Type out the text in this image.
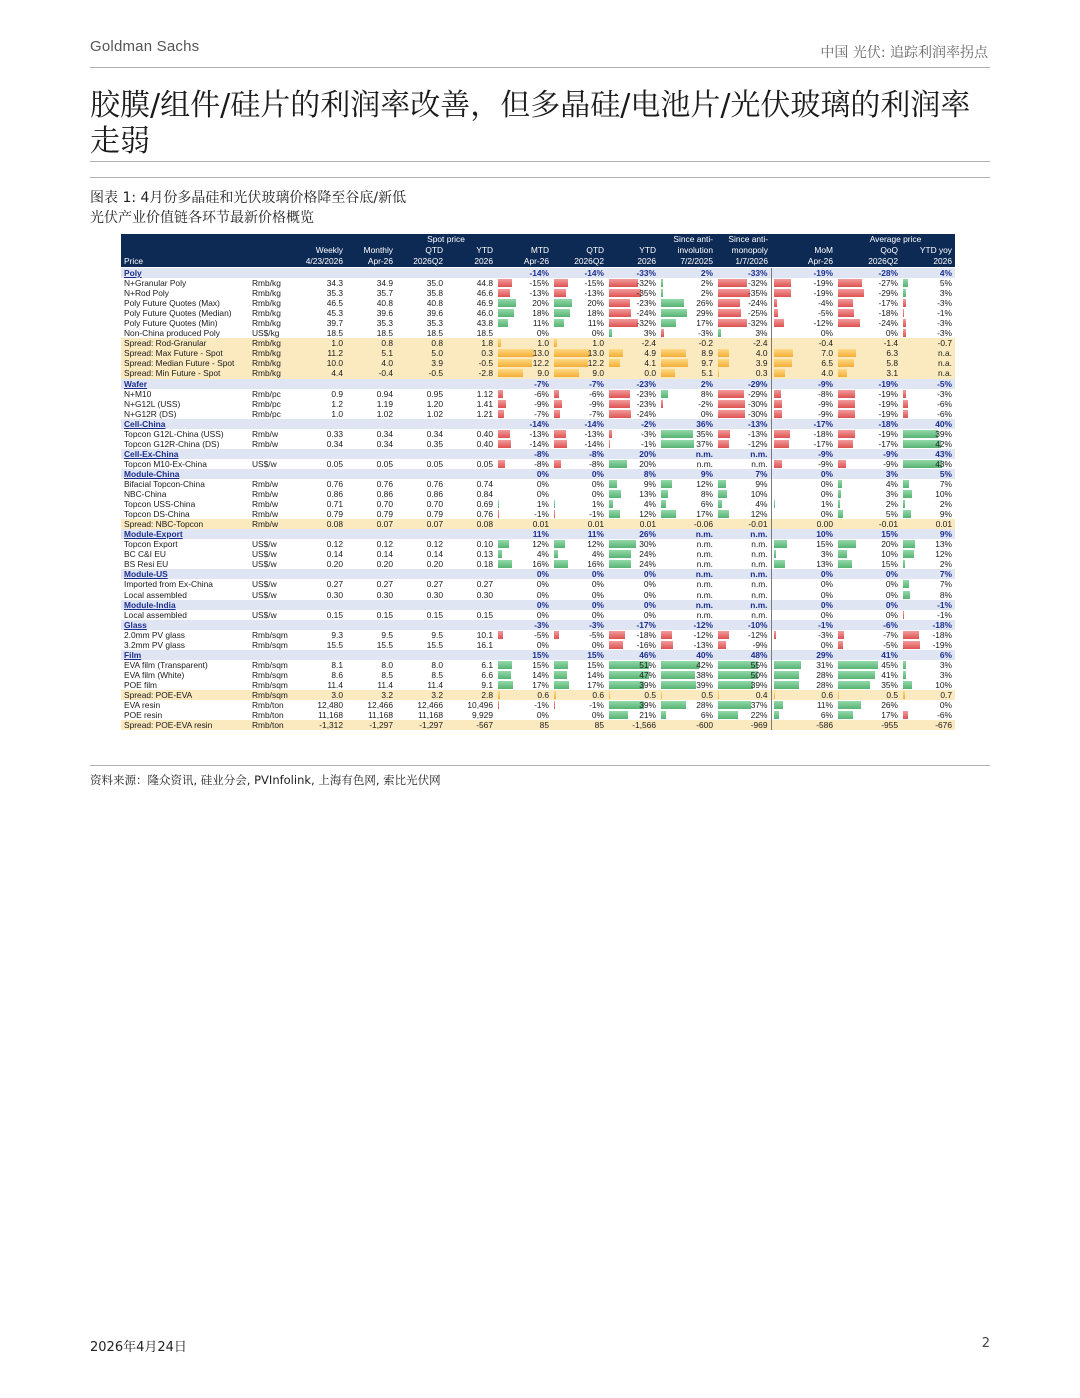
Goldman Sachs	中国 光伏: 追踪利润率拐点
胶膜/组件/硅片的利润率改善，但多晶硅/电池片/光伏玻璃的利润率走弱
图表 1: 4月份多晶硅和光伏玻璃价格降至谷底/新低
光伏产业价值链各环节最新价格概览
				Spot price					Since anti-	Since anti-		Average price	
		Weekly	Monthly	QTD	YTD	MTD	QTD	YTD	involution	monopoly	MoM	QoQ	YTD yoy
Price		4/23/2026	Apr-26	2026Q2	2026	Apr-26	2026Q2	2026	7/2/2025	1/7/2026	Apr-26	2026Q2	2026
Poly						-14%	-14%	-33%	2%	-33%	-19%	-28%	4%
N+Granular Poly	Rmb/kg	34.3	34.9	35.0	44.8	-15%	-15%	-32%	2%	-32%	-19%	-27%	5%
N+Rod Poly	Rmb/kg	35.3	35.7	35.8	46.6	-13%	-13%	-35%	2%	-35%	-19%	-29%	3%
Poly Future Quotes (Max)	Rmb/kg	46.5	40.8	40.8	46.9	20%	20%	-23%	26%	-24%	-4%	-17%	-3%
Poly Future Quotes (Median)	Rmb/kg	45.3	39.6	39.6	46.0	18%	18%	-24%	29%	-25%	-5%	-18%	-1%
Poly Future Quotes (Min)	Rmb/kg	39.7	35.3	35.3	43.8	11%	11%	-32%	17%	-32%	-12%	-24%	-3%
Non-China produced Poly	US$/kg	18.5	18.5	18.5	18.5	0%	0%	3%	-3%	3%	0%	0%	-3%
Spread: Rod-Granular	Rmb/kg	1.0	0.8	0.8	1.8	1.0	1.0	-2.4	-0.2	-2.4	-0.4	-1.4	-0.7
Spread: Max Future - Spot	Rmb/kg	11.2	5.1	5.0	0.3	13.0	13.0	4.9	8.9	4.0	7.0	6.3	n.a.
Spread: Median Future - Spot	Rmb/kg	10.0	4.0	3.9	-0.5	12.2	12.2	4.1	9.7	3.9	6.5	5.8	n.a.
Spread: Min Future - Spot	Rmb/kg	4.4	-0.4	-0.5	-2.8	9.0	9.0	0.0	5.1	0.3	4.0	3.1	n.a.
Wafer						-7%	-7%	-23%	2%	-29%	-9%	-19%	-5%
N+M10	Rmb/pc	0.9	0.94	0.95	1.12	-6%	-6%	-23%	8%	-29%	-8%	-19%	-3%
N+G12L (USS)	Rmb/pc	1.2	1.19	1.20	1.41	-9%	-9%	-23%	-2%	-30%	-9%	-19%	-6%
N+G12R (DS)	Rmb/pc	1.0	1.02	1.02	1.21	-7%	-7%	-24%	0%	-30%	-9%	-19%	-6%
Cell-China						-14%	-14%	-2%	36%	-13%	-17%	-18%	40%
Topcon G12L-China (USS)	Rmb/w	0.33	0.34	0.34	0.40	-13%	-13%	-3%	35%	-13%	-18%	-19%	39%
Topcon G12R-China (DS)	Rmb/w	0.34	0.34	0.35	0.40	-14%	-14%	-1%	37%	-12%	-17%	-17%	42%
Cell-Ex-China						-8%	-8%	20%	n.m.	n.m.	-9%	-9%	43%
Topcon M10-Ex-China	US$/w	0.05	0.05	0.05	0.05	-8%	-8%	20%	n.m.	n.m.	-9%	-9%	43%
Module-China						0%	0%	8%	9%	7%	0%	3%	5%
Bifacial Topcon-China	Rmb/w	0.76	0.76	0.76	0.74	0%	0%	9%	12%	9%	0%	4%	7%
NBC-China	Rmb/w	0.86	0.86	0.86	0.84	0%	0%	13%	8%	10%	0%	3%	10%
Topcon USS-China	Rmb/w	0.71	0.70	0.70	0.69	1%	1%	4%	6%	4%	1%	2%	2%
Topcon DS-China	Rmb/w	0.79	0.79	0.79	0.76	-1%	-1%	12%	17%	12%	0%	5%	9%
Spread: NBC-Topcon	Rmb/w	0.08	0.07	0.07	0.08	0.01	0.01	0.01	-0.06	-0.01	0.00	-0.01	0.01
Module-Export						11%	11%	26%	n.m.	n.m.	10%	15%	9%
Topcon Export	US$/w	0.12	0.12	0.12	0.10	12%	12%	30%	n.m.	n.m.	15%	20%	13%
BC C&I EU	US$/w	0.14	0.14	0.14	0.13	4%	4%	24%	n.m.	n.m.	3%	10%	12%
BS Resi EU	US$/w	0.20	0.20	0.20	0.18	16%	16%	24%	n.m.	n.m.	13%	15%	2%
Module-US						0%	0%	0%	n.m.	n.m.	0%	0%	7%
Imported from Ex-China	US$/w	0.27	0.27	0.27	0.27	0%	0%	0%	n.m.	n.m.	0%	0%	7%
Local assembled	US$/w	0.30	0.30	0.30	0.30	0%	0%	0%	n.m.	n.m.	0%	0%	8%
Module-India						0%	0%	0%	n.m.	n.m.	0%	0%	-1%
Local assembled	US$/w	0.15	0.15	0.15	0.15	0%	0%	0%	n.m.	n.m.	0%	0%	-1%
Glass						-3%	-3%	-17%	-12%	-10%	-1%	-6%	-18%
2.0mm PV glass	Rmb/sqm	9.3	9.5	9.5	10.1	-5%	-5%	-18%	-12%	-12%	-3%	-7%	-18%
3.2mm PV glass	Rmb/sqm	15.5	15.5	15.5	16.1	0%	0%	-16%	-13%	-9%	0%	-5%	-19%
Film						15%	15%	46%	40%	48%	29%	41%	6%
EVA film (Transparent)	Rmb/sqm	8.1	8.0	8.0	6.1	15%	15%	51%	42%	55%	31%	45%	3%
EVA film (White)	Rmb/sqm	8.6	8.5	8.5	6.6	14%	14%	47%	38%	50%	28%	41%	3%
POE film	Rmb/sqm	11.4	11.4	11.4	9.1	17%	17%	39%	39%	39%	28%	35%	10%
Spread: POE-EVA	Rmb/sqm	3.0	3.2	3.2	2.8	0.6	0.6	0.5	0.5	0.4	0.6	0.5	0.7
EVA resin	Rmb/ton	12,480	12,466	12,466	10,496	-1%	-1%	39%	28%	37%	11%	26%	0%
POE resin	Rmb/ton	11,168	11,168	11,168	9,929	0%	0%	21%	6%	22%	6%	17%	-6%
Spread: POE-EVA resin	Rmb/ton	-1,312	-1,297	-1,297	-567	85	85	-1,566	-600	-969	-586	-955	-676
资料来源：隆众资讯, 硅业分会, PVInfolink, 上海有色网, 索比光伏网
2026年4月24日	2
